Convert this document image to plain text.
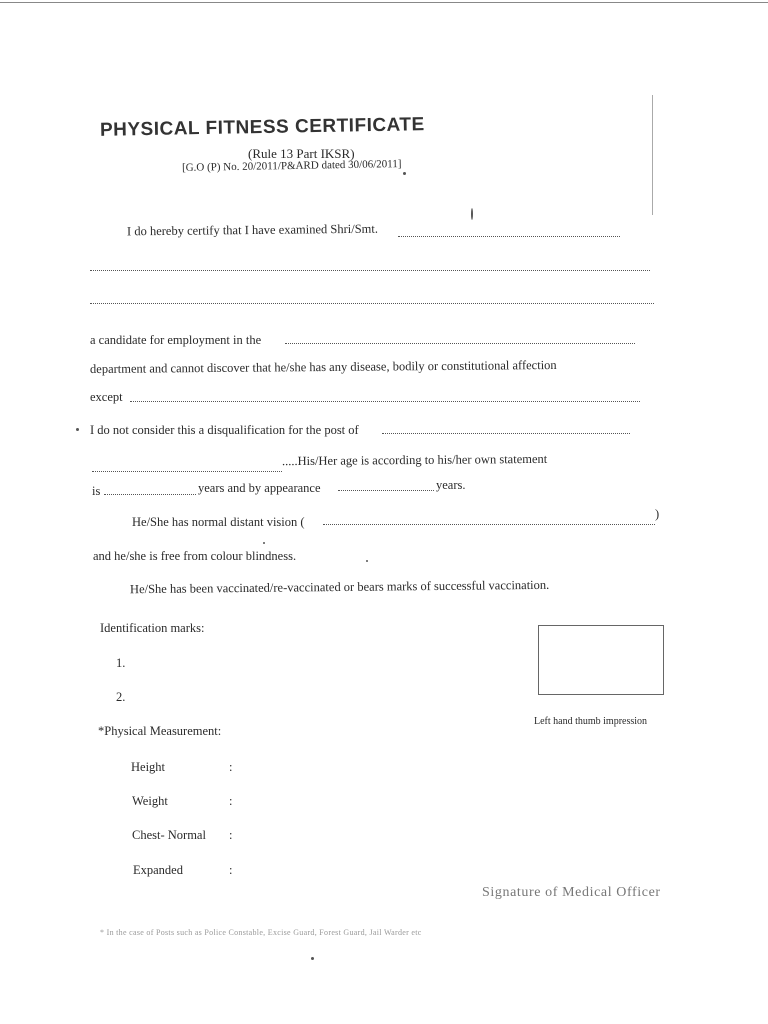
PHYSICAL FITNESS CERTIFICATE
(Rule 13 Part IKSR)
[G.O (P) No. 20/2011/P&ARD dated 30/06/2011]
I do hereby certify that I have examined Shri/Smt.
a candidate for employment in the
department and cannot discover that he/she has any disease, bodily or constitutional affection
except
I do not consider this a disqualification for the post of
.....His/Her age is according to his/her own statement
is	years and by appearance	years.
He/She has normal distant vision (
)
and he/she is free from colour blindness.
He/She has been vaccinated/re-vaccinated or bears marks of successful vaccination.
Identification marks:
1.
2.
Left hand thumb impression
*Physical Measurement:
Height	:
Weight	:
Chest- Normal :
Expanded	:
Signature of Medical Officer
* In the case of Posts such as Police Constable, Excise Guard, Forest Guard, Jail Warder etc
